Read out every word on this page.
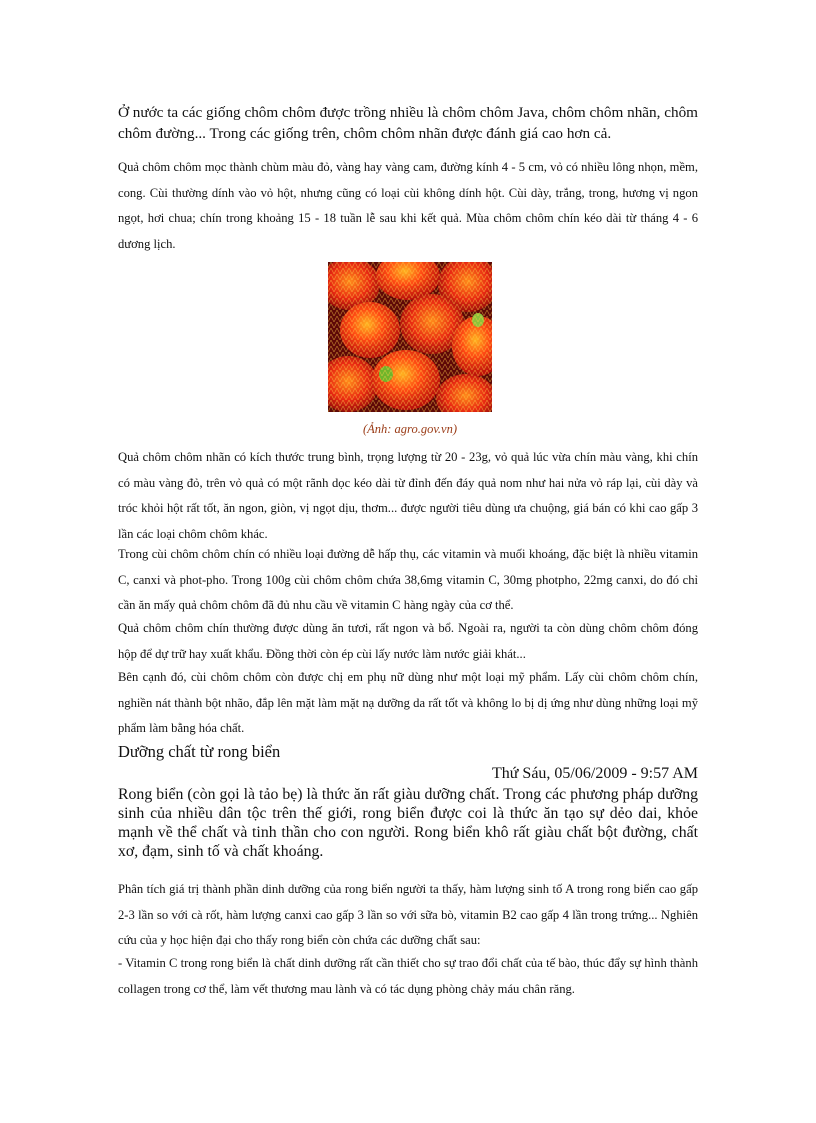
Ở nước ta các giống chôm chôm được trồng nhiều là chôm chôm Java, chôm chôm nhãn, chôm chôm đường... Trong các giống trên, chôm chôm nhãn được đánh giá cao hơn cả.

Quả chôm chôm mọc thành chùm màu đỏ, vàng hay vàng cam, đường kính 4 - 5 cm, vỏ có nhiều lông nhọn, mềm, cong. Cùi thường dính vào vỏ hột, nhưng cũng có loại cùi không dính hột. Cùi dày, trắng, trong, hương vị ngon ngọt, hơi chua; chín trong khoảng 15 - 18 tuần lễ sau khi kết quả. Mùa chôm chôm chín kéo dài từ tháng 4 - 6 dương lịch.

(Ảnh: agro.gov.vn)

Quả chôm chôm nhãn có kích thước trung bình, trọng lượng từ 20 - 23g, vỏ quả lúc vừa chín màu vàng, khi chín có màu vàng đỏ, trên vỏ quả có một rãnh dọc kéo dài từ đỉnh đến đáy quả nom như hai nửa vỏ ráp lại, cùi dày và tróc khỏi hột rất tốt, ăn ngon, giòn, vị ngọt dịu, thơm... được người tiêu dùng ưa chuộng, giá bán có khi cao gấp 3 lần các loại chôm chôm khác.

Trong cùi chôm chôm chín có nhiều loại đường dễ hấp thụ, các vitamin và muối khoáng, đặc biệt là nhiều vitamin C, canxi và phot-pho. Trong 100g cùi chôm chôm chứa 38,6mg vitamin C, 30mg photpho, 22mg canxi, do đó chỉ cần ăn mấy quả chôm chôm đã đủ nhu cầu về vitamin C hàng ngày của cơ thể.

Quả chôm chôm chín thường được dùng ăn tươi, rất ngon và bổ. Ngoài ra, người ta còn dùng chôm chôm đóng hộp để dự trữ hay xuất khẩu. Đồng thời còn ép cùi lấy nước làm nước giải khát...

Bên cạnh đó, cùi chôm chôm còn được chị em phụ nữ dùng như một loại mỹ phẩm. Lấy cùi chôm chôm chín, nghiền nát thành bột nhão, đắp lên mặt làm mặt nạ dưỡng da rất tốt và không lo bị dị ứng như dùng những loại mỹ phẩm làm bằng hóa chất.

Dưỡng chất từ rong biển
Thứ Sáu, 05/06/2009 - 9:57 AM

Rong biển (còn gọi là tảo bẹ) là thức ăn rất giàu dưỡng chất. Trong các phương pháp dưỡng sinh của nhiều dân tộc trên thế giới, rong biển được coi là thức ăn tạo sự dẻo dai, khỏe mạnh về thể chất và tinh thần cho con người. Rong biển khô rất giàu chất bột đường, chất xơ, đạm, sinh tố và chất khoáng.

Phân tích giá trị thành phần dinh dưỡng của rong biển người ta thấy, hàm lượng sinh tố A trong rong biển cao gấp 2-3 lần so với cà rốt, hàm lượng canxi cao gấp 3 lần so với sữa bò, vitamin B2 cao gấp 4 lần trong trứng... Nghiên cứu của y học hiện đại cho thấy rong biển còn chứa các dưỡng chất sau:

- Vitamin C trong rong biển là chất dinh dưỡng rất cần thiết cho sự trao đổi chất của tế bào, thúc đẩy sự hình thành collagen trong cơ thể, làm vết thương mau lành và có tác dụng phòng chảy máu chân răng.
